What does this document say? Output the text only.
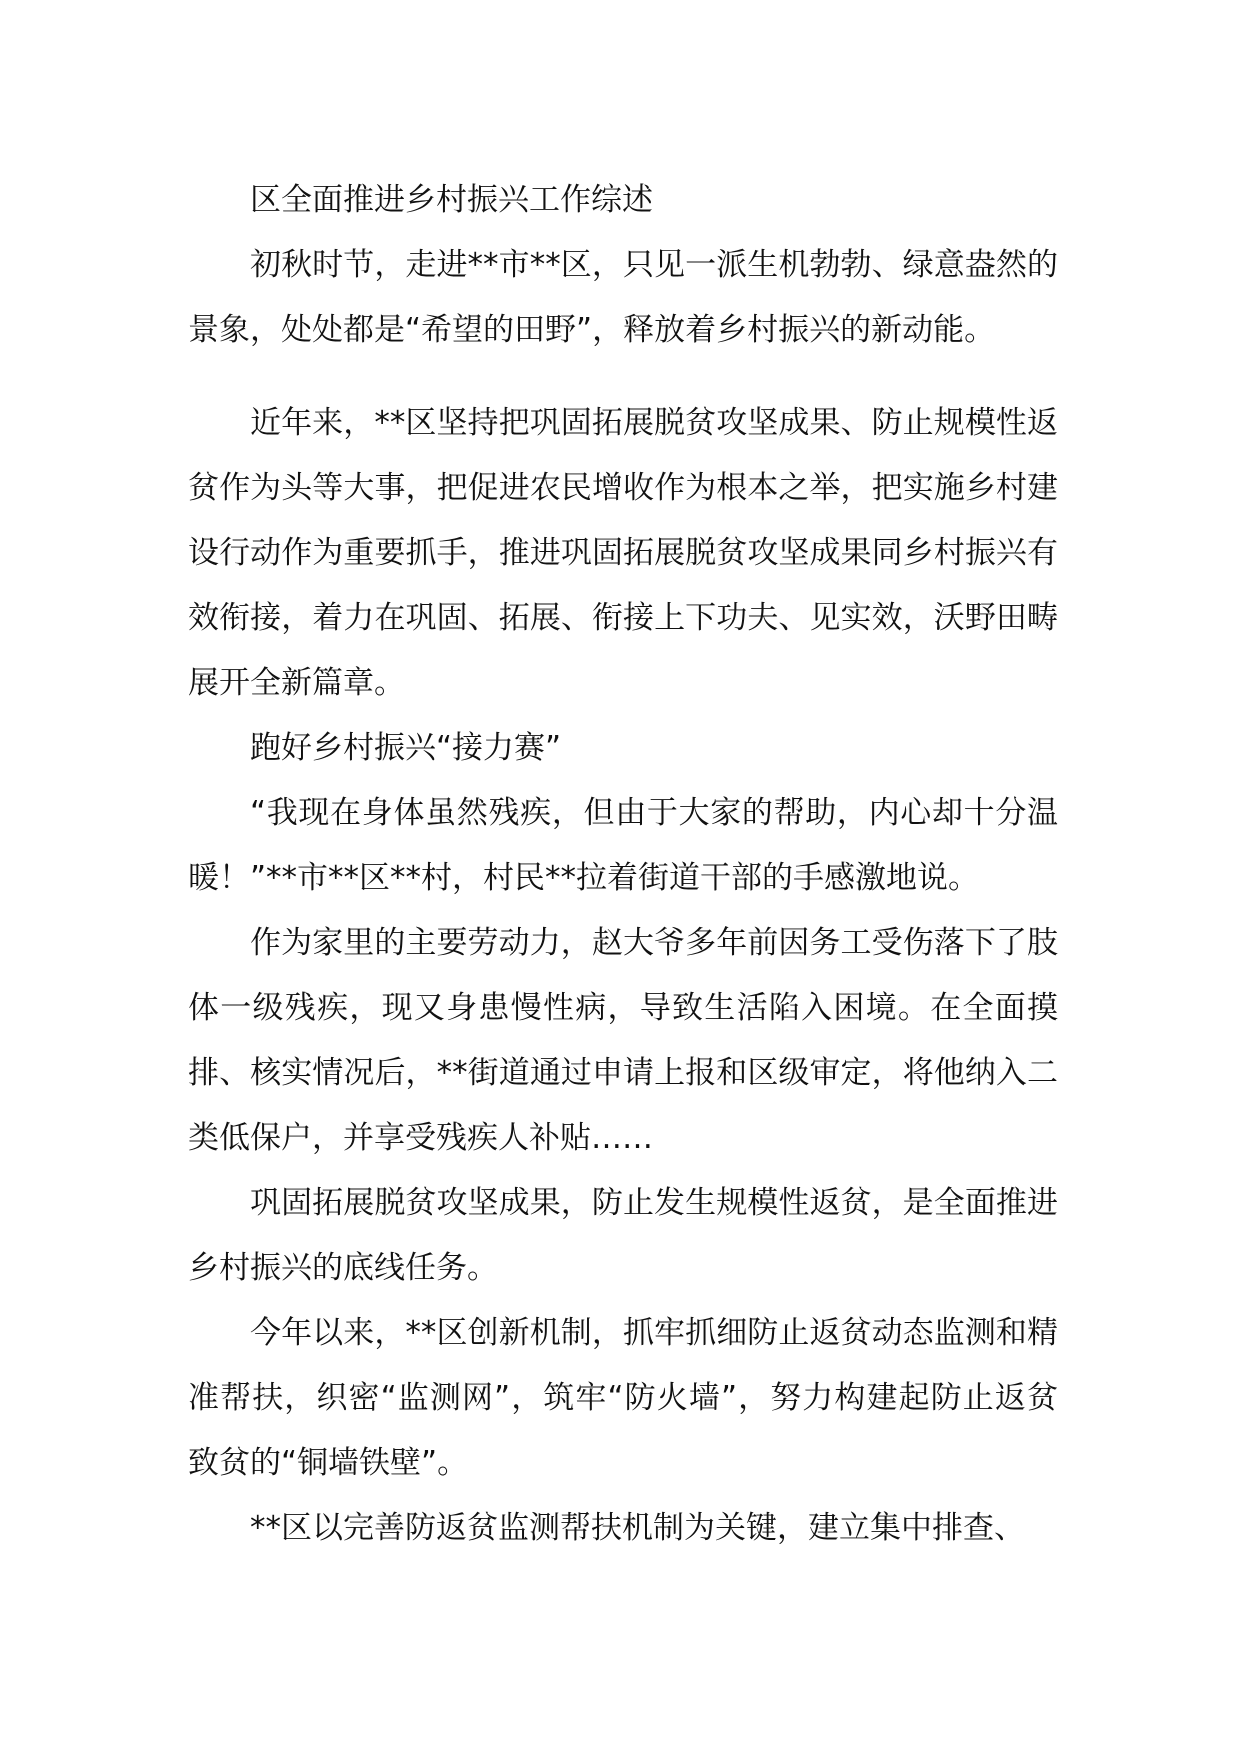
区全面推进乡村振兴工作综述

初秋时节，走进**市**区，只见一派生机勃勃、绿意盎然的景象，处处都是“希望的田野”，释放着乡村振兴的新动能。

近年来，**区坚持把巩固拓展脱贫攻坚成果、防止规模性返贫作为头等大事，把促进农民增收作为根本之举，把实施乡村建设行动作为重要抓手，推进巩固拓展脱贫攻坚成果同乡村振兴有效衔接，着力在巩固、拓展、衔接上下功夫、见实效，沃野田畴展开全新篇章。

跑好乡村振兴“接力赛”

“我现在身体虽然残疾，但由于大家的帮助，内心却十分温暖！”**市**区**村，村民**拉着街道干部的手感激地说。

作为家里的主要劳动力，赵大爷多年前因务工受伤落下了肢体一级残疾，现又身患慢性病，导致生活陷入困境。在全面摸排、核实情况后，**街道通过申请上报和区级审定，将他纳入二类低保户，并享受残疾人补贴……

巩固拓展脱贫攻坚成果，防止发生规模性返贫，是全面推进乡村振兴的底线任务。

今年以来，**区创新机制，抓牢抓细防止返贫动态监测和精准帮扶，织密“监测网”，筑牢“防火墙”，努力构建起防止返贫致贫的“铜墙铁壁”。

**区以完善防返贫监测帮扶机制为关键，建立集中排查、
